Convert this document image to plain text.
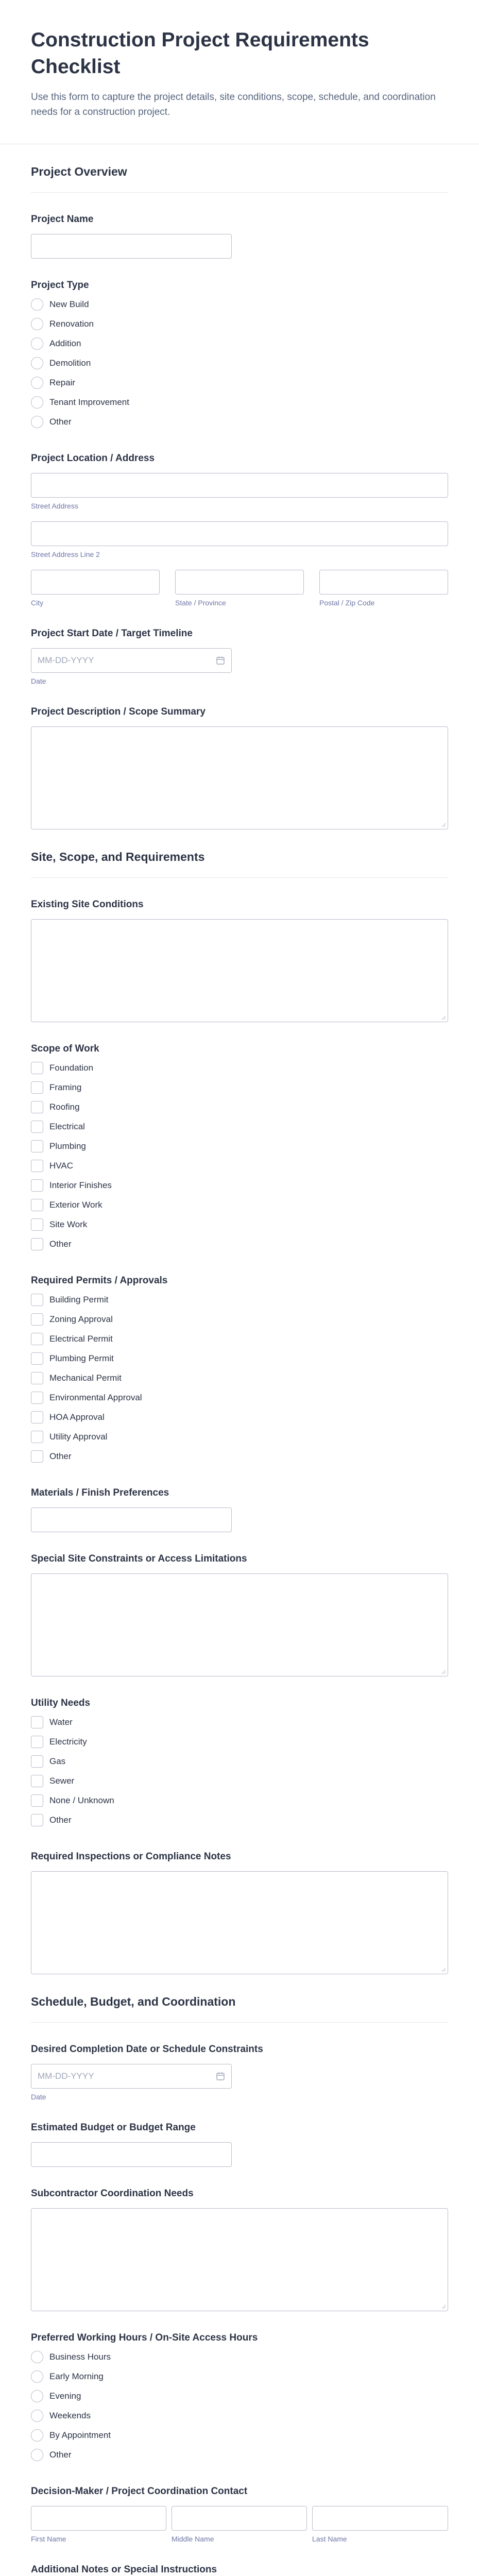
Construction Project Requirements Checklist
Use this form to capture the project details, site conditions, scope, schedule, and coordination needs for a construction project.
Project Overview
Project Name
Project Type
New Build
Renovation
Addition
Demolition
Repair
Tenant Improvement
Other
Project Location / Address
Street Address
Street Address Line 2
City	State / Province	Postal / Zip Code
Project Start Date / Target Timeline
MM-DD-YYYY
Date
Project Description / Scope Summary
Site, Scope, and Requirements
Existing Site Conditions
Scope of Work
Foundation
Framing
Roofing
Electrical
Plumbing
HVAC
Interior Finishes
Exterior Work
Site Work
Other
Required Permits / Approvals
Building Permit
Zoning Approval
Electrical Permit
Plumbing Permit
Mechanical Permit
Environmental Approval
HOA Approval
Utility Approval
Other
Materials / Finish Preferences
Special Site Constraints or Access Limitations
Utility Needs
Water
Electricity
Gas
Sewer
None / Unknown
Other
Required Inspections or Compliance Notes
Schedule, Budget, and Coordination
Desired Completion Date or Schedule Constraints
MM-DD-YYYY
Date
Estimated Budget or Budget Range
Subcontractor Coordination Needs
Preferred Working Hours / On-Site Access Hours
Business Hours
Early Morning
Evening
Weekends
By Appointment
Other
Decision-Maker / Project Coordination Contact
First Name	Middle Name	Last Name
Additional Notes or Special Instructions
